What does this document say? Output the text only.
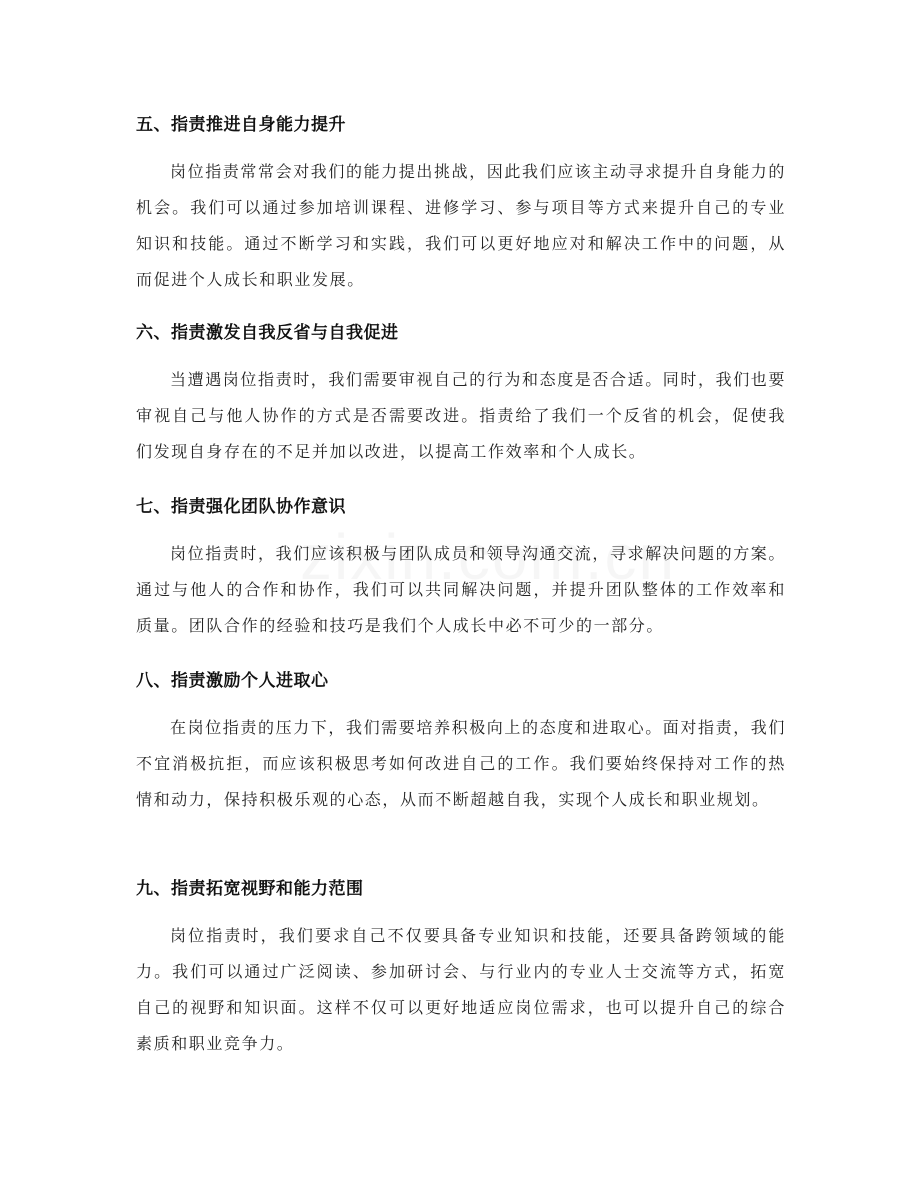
五、指责推进自身能力提升

岗位指责常常会对我们的能力提出挑战，因此我们应该主动寻求提升自身能力的机会。我们可以通过参加培训课程、进修学习、参与项目等方式来提升自己的专业知识和技能。通过不断学习和实践，我们可以更好地应对和解决工作中的问题，从而促进个人成长和职业发展。

六、指责激发自我反省与自我促进

当遭遇岗位指责时，我们需要审视自己的行为和态度是否合适。同时，我们也要审视自己与他人协作的方式是否需要改进。指责给了我们一个反省的机会，促使我们发现自身存在的不足并加以改进，以提高工作效率和个人成长。

七、指责强化团队协作意识

岗位指责时，我们应该积极与团队成员和领导沟通交流，寻求解决问题的方案。通过与他人的合作和协作，我们可以共同解决问题，并提升团队整体的工作效率和质量。团队合作的经验和技巧是我们个人成长中必不可少的一部分。

八、指责激励个人进取心

在岗位指责的压力下，我们需要培养积极向上的态度和进取心。面对指责，我们不宜消极抗拒，而应该积极思考如何改进自己的工作。我们要始终保持对工作的热情和动力，保持积极乐观的心态，从而不断超越自我，实现个人成长和职业规划。

九、指责拓宽视野和能力范围

岗位指责时，我们要求自己不仅要具备专业知识和技能，还要具备跨领域的能力。我们可以通过广泛阅读、参加研讨会、与行业内的专业人士交流等方式，拓宽自己的视野和知识面。这样不仅可以更好地适应岗位需求，也可以提升自己的综合素质和职业竞争力。
